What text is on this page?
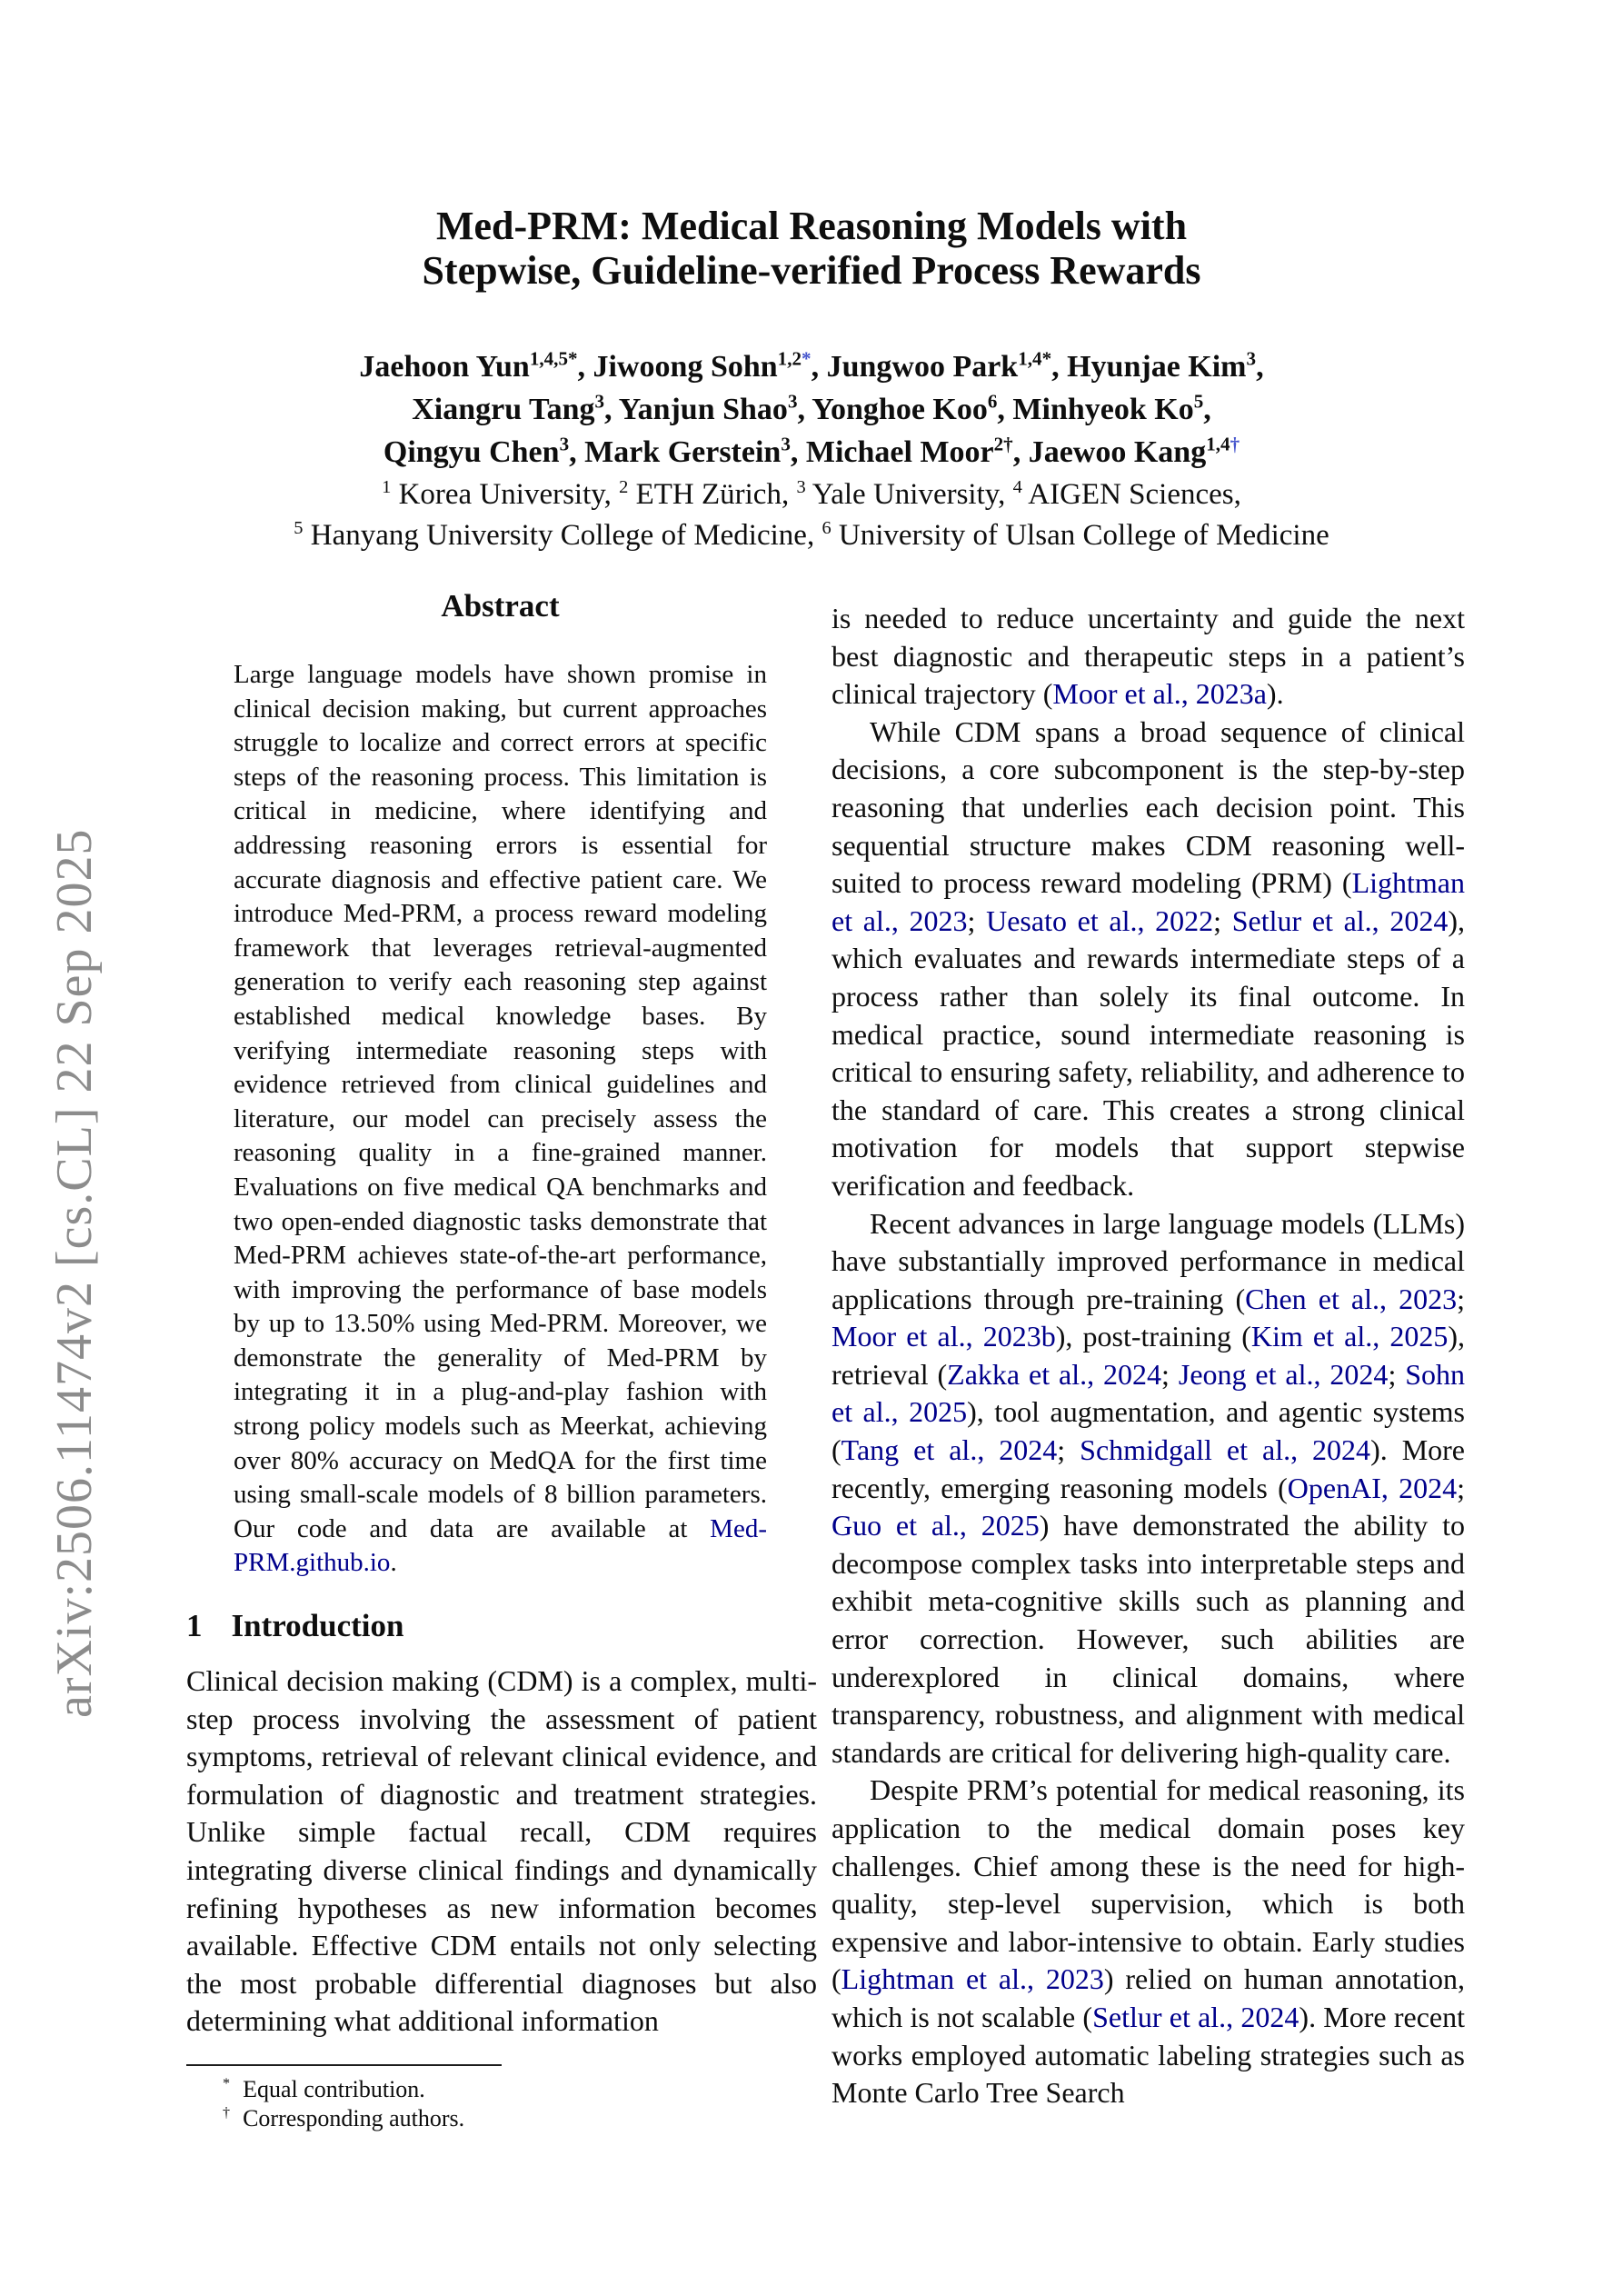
arXiv:2506.11474v2 [cs.CL] 22 Sep 2025
Med-PRM: Medical Reasoning Models with
Stepwise, Guideline-verified Process Rewards
Jaehoon Yun$^{1,4,5*}$, Jiwoong Sohn$^{1,2*}$, Jungwoo Park$^{1,4*}$, Hyunjae Kim$^3$,
Xiangru Tang$^3$, Yanjun Shao$^3$, Yonghoe Koo$^6$, Minhyeok Ko$^5$,
Qingyu Chen$^3$, Mark Gerstein$^3$, Michael Moor$^{2\dagger}$, Jaewoo Kang$^{1,4\dagger}$
$^1$ Korea University, $^2$ ETH Zürich, $^3$ Yale University, $^4$ AIGEN Sciences,
$^5$ Hanyang University College of Medicine, $^6$ University of Ulsan College of Medicine
Abstract
Large language models have shown promise in clinical decision making, but current approaches struggle to localize and correct errors at specific steps of the reasoning process. This limitation is critical in medicine, where identifying and addressing reasoning errors is essential for accurate diagnosis and effective patient care. We introduce Med-PRM, a process reward modeling framework that leverages retrieval-augmented generation to verify each reasoning step against established medical knowledge bases. By verifying intermediate reasoning steps with evidence retrieved from clinical guidelines and literature, our model can precisely assess the reasoning quality in a fine-grained manner. Evaluations on five medical QA benchmarks and two open-ended diagnostic tasks demonstrate that Med-PRM achieves state-of-the-art performance, with improving the performance of base models by up to 13.50% using Med-PRM. Moreover, we demonstrate the generality of Med-PRM by integrating it in a plug-and-play fashion with strong policy models such as Meerkat, achieving over 80% accuracy on MedQA for the first time using small-scale models of 8 billion parameters. Our code and data are available at Med-PRM.github.io.
1 Introduction

Clinical decision making (CDM) is a complex, multi-step process involving the assessment of patient symptoms, retrieval of relevant clinical evidence, and formulation of diagnostic and treatment strategies. Unlike simple factual recall, CDM requires integrating diverse clinical findings and dynamically refining hypotheses as new information becomes available. Effective CDM entails not only selecting the most probable differential diagnoses but also determining what additional information

* Equal contribution.
† Corresponding authors.

is needed to reduce uncertainty and guide the next best diagnostic and therapeutic steps in a patient’s clinical trajectory (Moor et al., 2023a).

While CDM spans a broad sequence of clinical decisions, a core subcomponent is the step-by-step reasoning that underlies each decision point. This sequential structure makes CDM reasoning well-suited to process reward modeling (PRM) (Lightman et al., 2023; Uesato et al., 2022; Setlur et al., 2024), which evaluates and rewards intermediate steps of a process rather than solely its final outcome. In medical practice, sound intermediate reasoning is critical to ensuring safety, reliability, and adherence to the standard of care. This creates a strong clinical motivation for models that support stepwise verification and feedback.

Recent advances in large language models (LLMs) have substantially improved performance in medical applications through pre-training (Chen et al., 2023; Moor et al., 2023b), post-training (Kim et al., 2025), retrieval (Zakka et al., 2024; Jeong et al., 2024; Sohn et al., 2025), tool augmentation, and agentic systems (Tang et al., 2024; Schmidgall et al., 2024). More recently, emerging reasoning models (OpenAI, 2024; Guo et al., 2025) have demonstrated the ability to decompose complex tasks into interpretable steps and exhibit meta-cognitive skills such as planning and error correction. However, such abilities are underexplored in clinical domains, where transparency, robustness, and alignment with medical standards are critical for delivering high-quality care.

Despite PRM’s potential for medical reasoning, its application to the medical domain poses key challenges. Chief among these is the need for high-quality, step-level supervision, which is both expensive and labor-intensive to obtain. Early studies (Lightman et al., 2023) relied on human annotation, which is not scalable (Setlur et al., 2024). More recent works employed automatic labeling strategies such as Monte Carlo Tree Search
